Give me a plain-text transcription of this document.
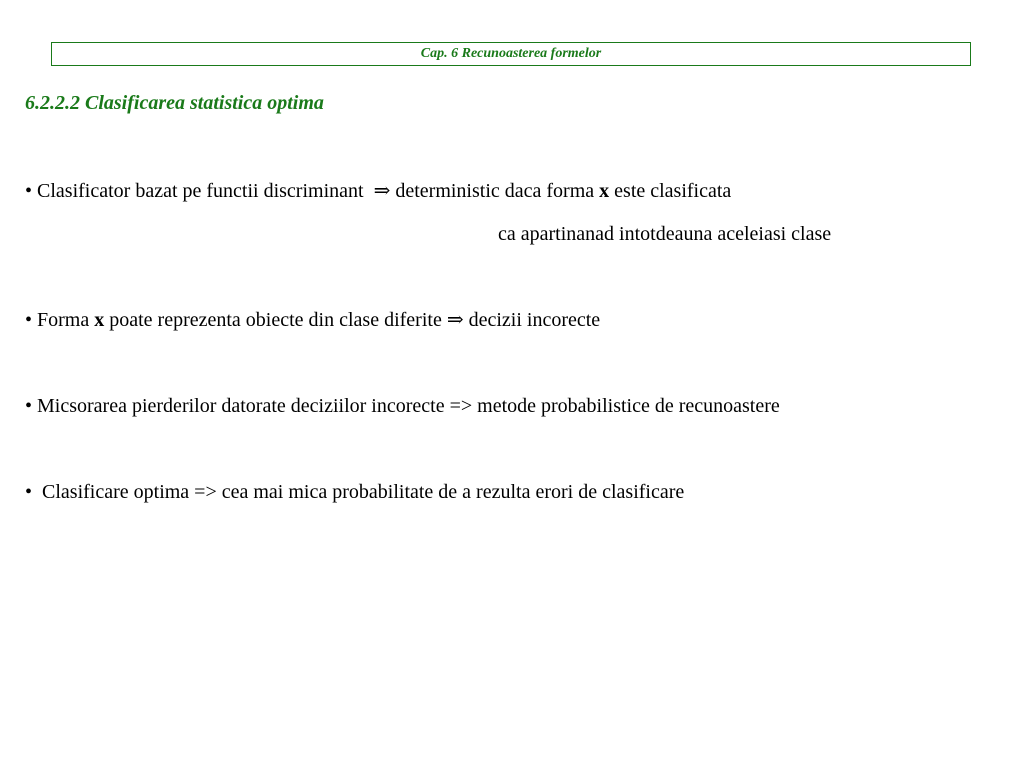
Cap. 6 Recunoasterea formelor
6.2.2.2 Clasificarea statistica optima
• Clasificator bazat pe functii discriminant ⇒ deterministic daca forma x este clasificata
ca apartinanad intotdeauna aceleiasi clase
• Forma x poate reprezenta obiecte din clase diferite ⇒ decizii incorecte
• Micsorarea pierderilor datorate deciziilor incorecte => metode probabilistice de recunoastere
• Clasificare optima => cea mai mica probabilitate de a rezulta erori de clasificare
